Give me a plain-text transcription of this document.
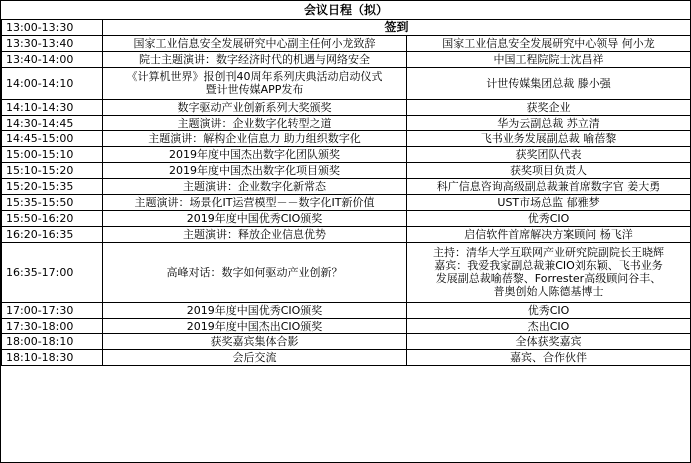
会议日程（拟）		
13:00-13:30	签到	
13:30-13:40	国家工业信息安全发展研究中心副主任何小龙致辞	国家工业信息安全发展研究中心领导 何小龙
13:40-14:00	院士主题演讲：数字经济时代的机遇与网络安全	中国工程院院士沈昌祥
14:00-14:10	《计算机世界》报创刊40周年系列庆典活动启动仪式
暨计世传媒APP发布	计世传媒集团总裁 滕小强
14:10-14:30	数字驱动产业创新系列大奖颁奖	获奖企业
14:30-14:45	主题演讲：企业数字化转型之道	华为云副总裁 苏立清
14:45-15:00	主题演讲：解构企业信息力 助力组织数字化	飞书业务发展副总裁 喻蓓黎
15:00-15:10	2019年度中国杰出数字化团队颁奖	获奖团队代表
15:10-15:20	2019年度中国杰出数字化项目颁奖	获奖项目负责人
15:20-15:35	主题演讲：企业数字化新常态	科广信息咨询高级副总裁兼首席数字官 姜大勇
15:35-15:50	主题演讲：场景化IT运营模型－－数字化IT新价值	UST市场总监 郁雅梦
15:50-16:20	2019年度中国优秀CIO颁奖	优秀CIO
16:20-16:35	主题演讲：释放企业信息优势	启信软件首席解决方案顾问 杨飞洋
16:35-17:00	高峰对话：数字如何驱动产业创新？	主持：清华大学互联网产业研究院副院长王晓辉
嘉宾：我爱我家副总裁兼CIO刘东颖、飞书业务
发展副总裁喻蓓黎、Forrester高级顾问谷丰、
普奥创始人陈德基博士

17:00-17:30	2019年度中国优秀CIO颁奖	优秀CIO
17:30-18:00	2019年度中国杰出CIO颁奖	杰出CIO
18:00-18:10	获奖嘉宾集体合影	全体获奖嘉宾
18:10-18:30	会后交流	嘉宾、合作伙伴
